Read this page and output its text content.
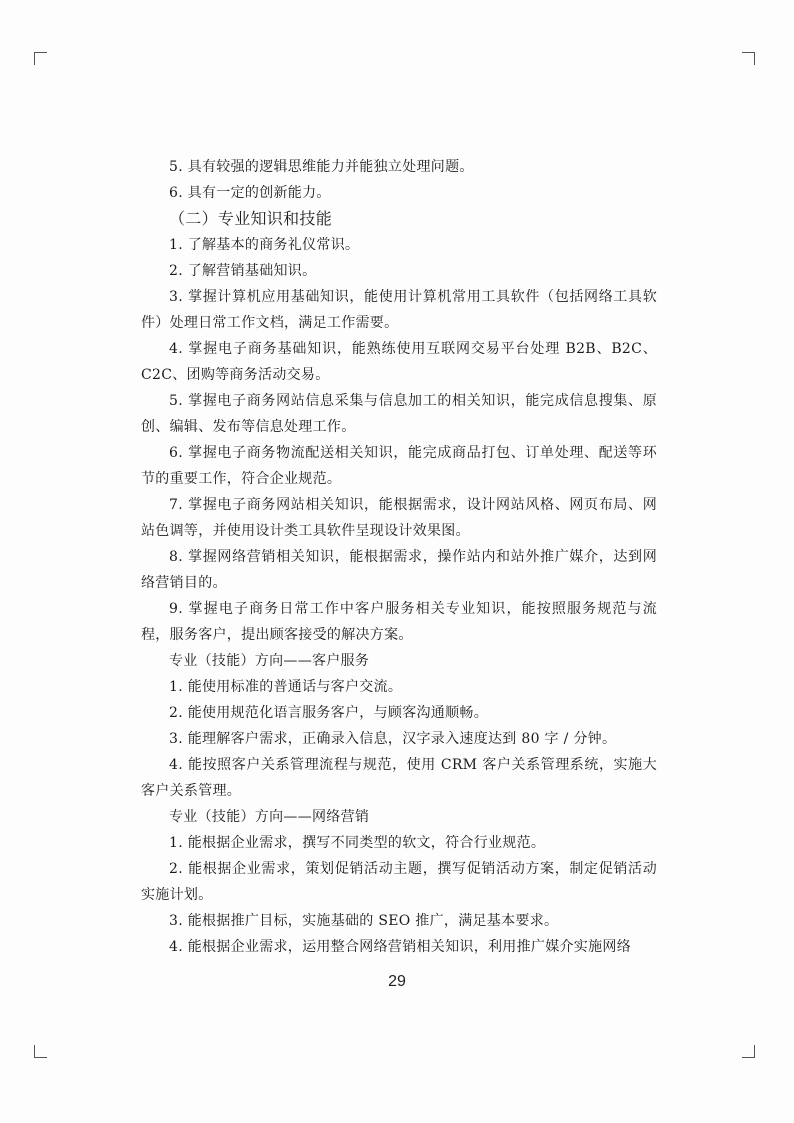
5. 具有较强的逻辑思维能力并能独立处理问题。

6. 具有一定的创新能力。

（二）专业知识和技能

1. 了解基本的商务礼仪常识。

2. 了解营销基础知识。

3. 掌握计算机应用基础知识，能使用计算机常用工具软件（包括网络工具软件）处理日常工作文档，满足工作需要。

4. 掌握电子商务基础知识，能熟练使用互联网交易平台处理 B2B、B2C、C2C、团购等商务活动交易。

5. 掌握电子商务网站信息采集与信息加工的相关知识，能完成信息搜集、原创、编辑、发布等信息处理工作。

6. 掌握电子商务物流配送相关知识，能完成商品打包、订单处理、配送等环节的重要工作，符合企业规范。

7. 掌握电子商务网站相关知识，能根据需求，设计网站风格、网页布局、网站色调等，并使用设计类工具软件呈现设计效果图。

8. 掌握网络营销相关知识，能根据需求，操作站内和站外推广媒介，达到网络营销目的。

9. 掌握电子商务日常工作中客户服务相关专业知识，能按照服务规范与流程，服务客户，提出顾客接受的解决方案。

专业（技能）方向——客户服务

1. 能使用标准的普通话与客户交流。

2. 能使用规范化语言服务客户，与顾客沟通顺畅。

3. 能理解客户需求，正确录入信息，汉字录入速度达到 80 字 / 分钟。

4. 能按照客户关系管理流程与规范，使用 CRM 客户关系管理系统，实施大客户关系管理。

专业（技能）方向——网络营销

1. 能根据企业需求，撰写不同类型的软文，符合行业规范。

2. 能根据企业需求，策划促销活动主题，撰写促销活动方案，制定促销活动实施计划。

3. 能根据推广目标，实施基础的 SEO 推广，满足基本要求。

4. 能根据企业需求，运用整合网络营销相关知识，利用推广媒介实施网络

29
